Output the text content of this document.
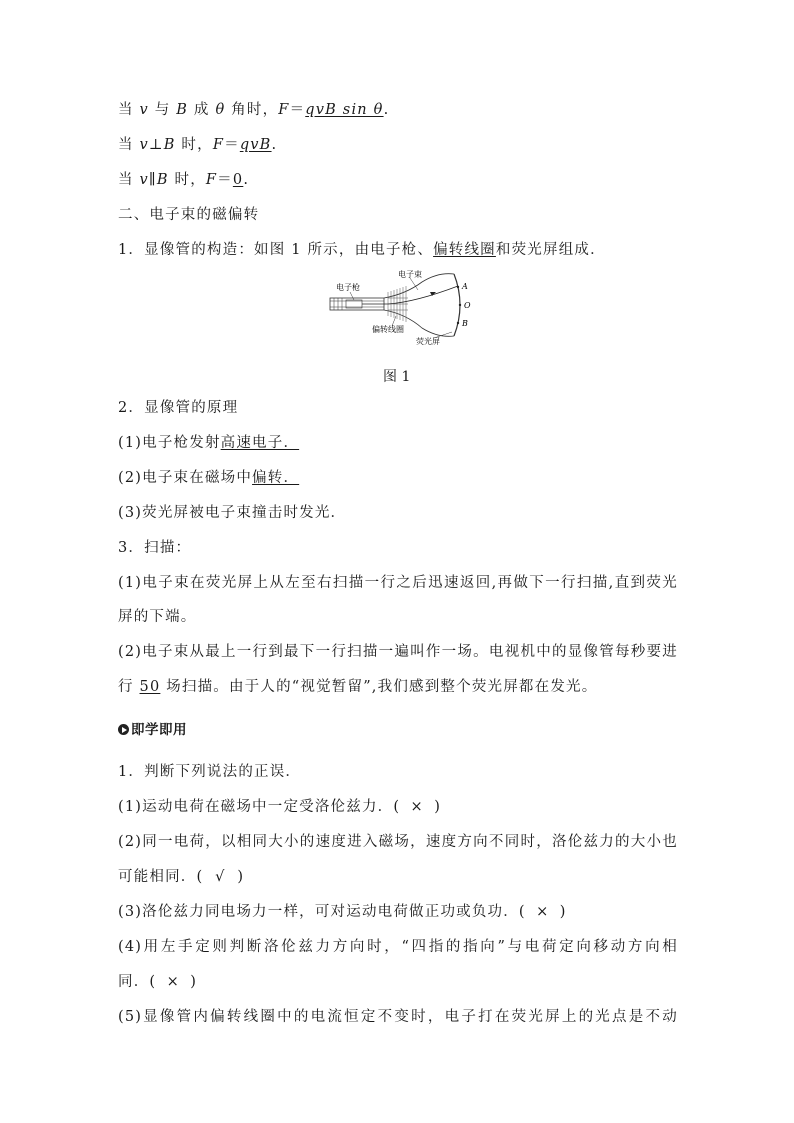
当 v 与 B 成 θ 角时，F＝qvB sin θ.
当 v⊥B 时，F＝qvB.
当 v∥B 时，F＝0.
二、电子束的磁偏转
1．显像管的构造：如图 1 所示，由电子枪、偏转线圈和荧光屏组成．
电子枪
电子束
A
O
B
偏转线圈
荧光屏
图 1
2．显像管的原理
(1)电子枪发射高速电子．
(2)电子束在磁场中偏转．
(3)荧光屏被电子束撞击时发光．
3．扫描：
(1)电子束在荧光屏上从左至右扫描一行之后迅速返回,再做下一行扫描,直到荧光
屏的下端。
(2)电子束从最上一行到最下一行扫描一遍叫作一场。电视机中的显像管每秒要进
行 50 场扫描。由于人的“视觉暂留”,我们感到整个荧光屏都在发光。
即学即用
1．判断下列说法的正误．
(1)运动电荷在磁场中一定受洛伦兹力．( × )
(2)同一电荷，以相同大小的速度进入磁场，速度方向不同时，洛伦兹力的大小也
可能相同．( √ )
(3)洛伦兹力同电场力一样，可对运动电荷做正功或负功．( × )
(4)用左手定则判断洛伦兹力方向时，“四指的指向”与电荷定向移动方向相
同．( × )
(5)显像管内偏转线圈中的电流恒定不变时，电子打在荧光屏上的光点是不动
